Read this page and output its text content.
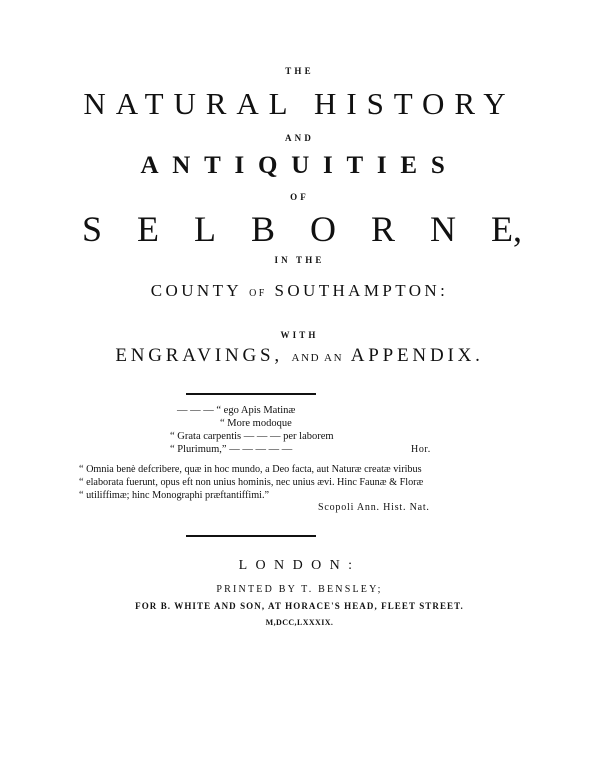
THE
NATURAL HISTORY
AND
ANTIQUITIES
OF
S E L B O R N E,
IN THE
COUNTY OF SOUTHAMPTON:
WITH
ENGRAVINGS, AND AN APPENDIX.
— — — “ ego Apis Matinæ
“ More modoque
“ Grata carpentis — — — per laborem
“ Plurimum,” — — — — —	Hor.
“ Omnia benè defcribere, quæ in hoc mundo, a Deo facta, aut Naturæ creatæ viribus
“ elaborata fuerunt, opus eft non unius hominis, nec unius ævi. Hinc Faunæ & Floræ
“ utiliffimæ; hinc Monographi præftantiffimi.”
Scopoli Ann. Hist. Nat.
LONDON:
PRINTED BY T. BENSLEY;
FOR B. WHITE AND SON, AT HORACE'S HEAD, FLEET STREET.
M,DCC,LXXXIX.
